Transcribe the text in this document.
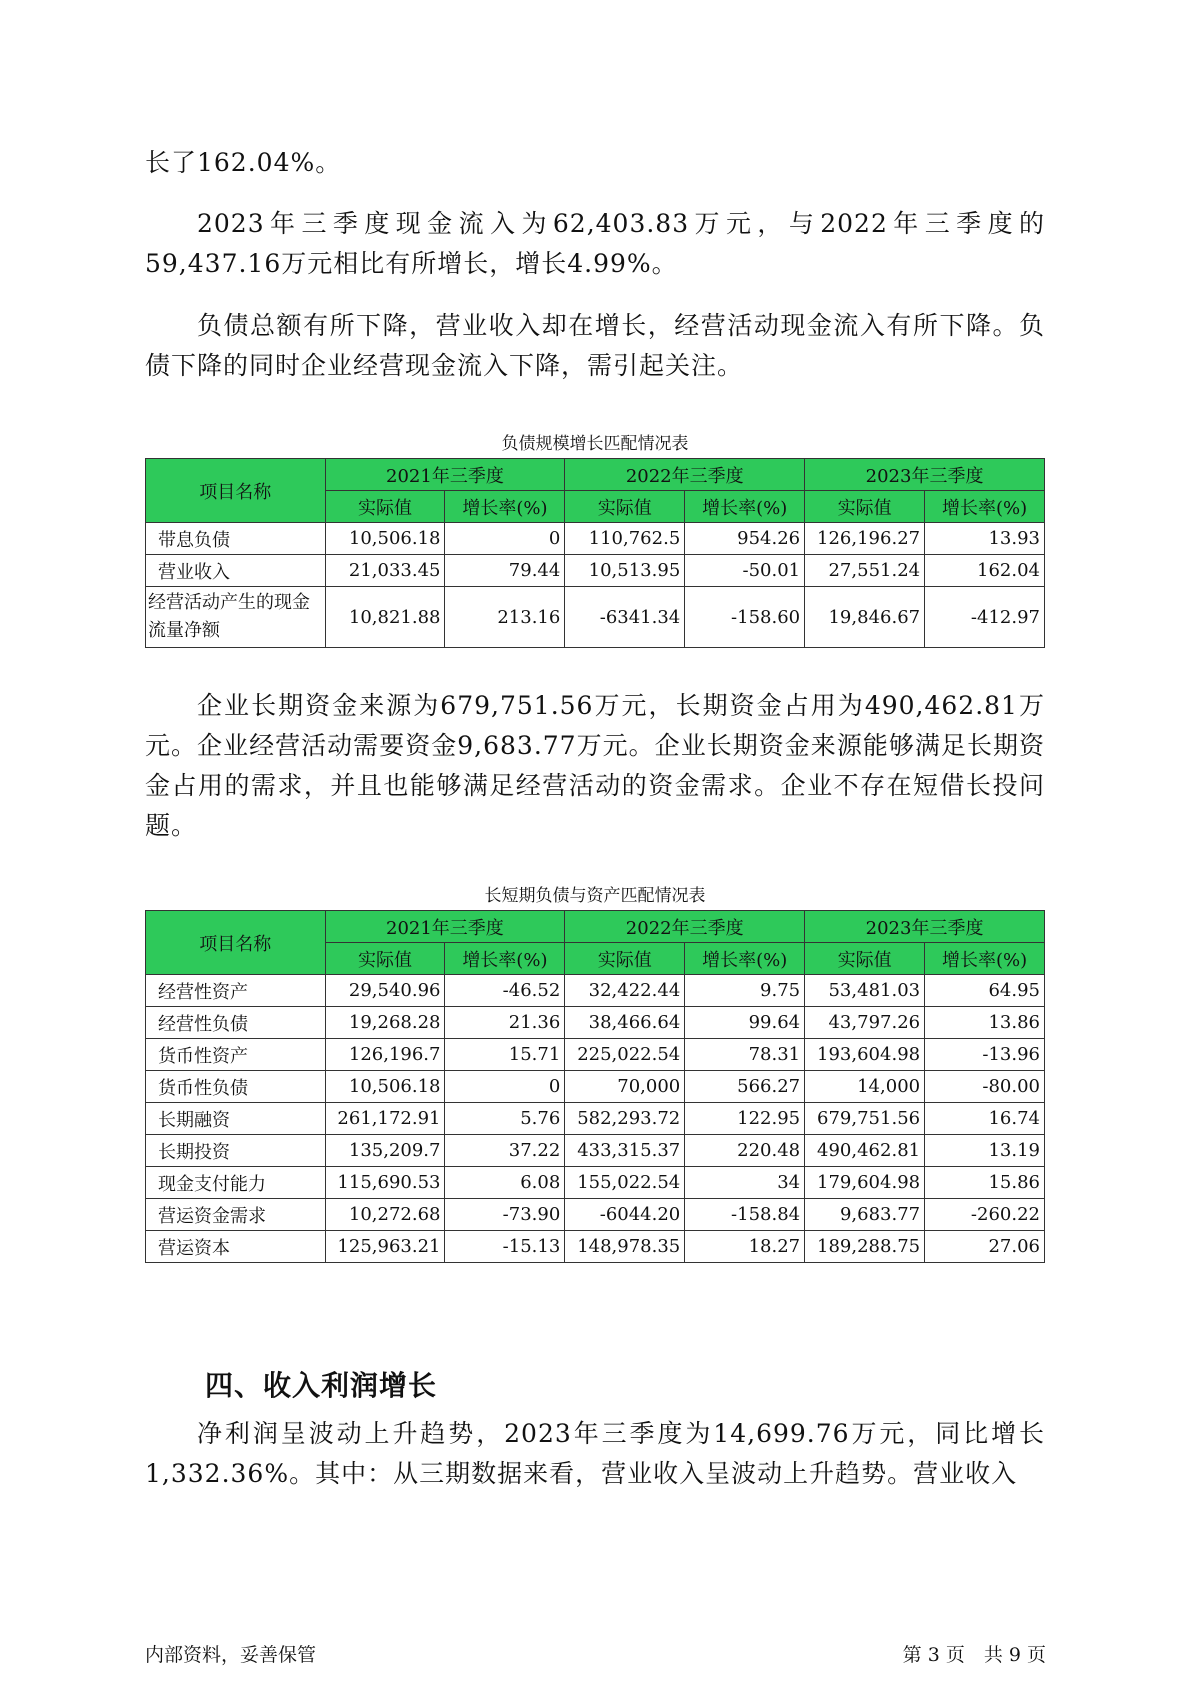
长了162.04%。

2023年三季度现金流入为62,403.83万元，与2022年三季度的59,437.16万元相比有所增长，增长4.99%。

负债总额有所下降，营业收入却在增长，经营活动现金流入有所下降。负债下降的同时企业经营现金流入下降，需引起关注。

负债规模增长匹配情况表
项目名称	2021年三季度		2022年三季度		2023年三季度	
	实际值	增长率(%)	实际值	增长率(%)	实际值	增长率(%)
带息负债	10,506.18	0	110,762.5	954.26	126,196.27	13.93
营业收入	21,033.45	79.44	10,513.95	-50.01	27,551.24	162.04
经营活动产生的现金流量净额	10,821.88	213.16	-6341.34	-158.60	19,846.67	-412.97

企业长期资金来源为679,751.56万元，长期资金占用为490,462.81万元。企业经营活动需要资金9,683.77万元。企业长期资金来源能够满足长期资金占用的需求，并且也能够满足经营活动的资金需求。企业不存在短借长投问题。

长短期负债与资产匹配情况表
项目名称	2021年三季度		2022年三季度		2023年三季度	
	实际值	增长率(%)	实际值	增长率(%)	实际值	增长率(%)
经营性资产	29,540.96	-46.52	32,422.44	9.75	53,481.03	64.95
经营性负债	19,268.28	21.36	38,466.64	99.64	43,797.26	13.86
货币性资产	126,196.7	15.71	225,022.54	78.31	193,604.98	-13.96
货币性负债	10,506.18	0	70,000	566.27	14,000	-80.00
长期融资	261,172.91	5.76	582,293.72	122.95	679,751.56	16.74
长期投资	135,209.7	37.22	433,315.37	220.48	490,462.81	13.19
现金支付能力	115,690.53	6.08	155,022.54	34	179,604.98	15.86
营运资金需求	10,272.68	-73.90	-6044.20	-158.84	9,683.77	-260.22
营运资本	125,963.21	-15.13	148,978.35	18.27	189,288.75	27.06
四、收入利润增长

净利润呈波动上升趋势，2023年三季度为14,699.76万元，同比增长1,332.36%。其中：从三期数据来看，营业收入呈波动上升趋势。营业收入

内部资料，妥善保管	第 3 页　共 9 页
